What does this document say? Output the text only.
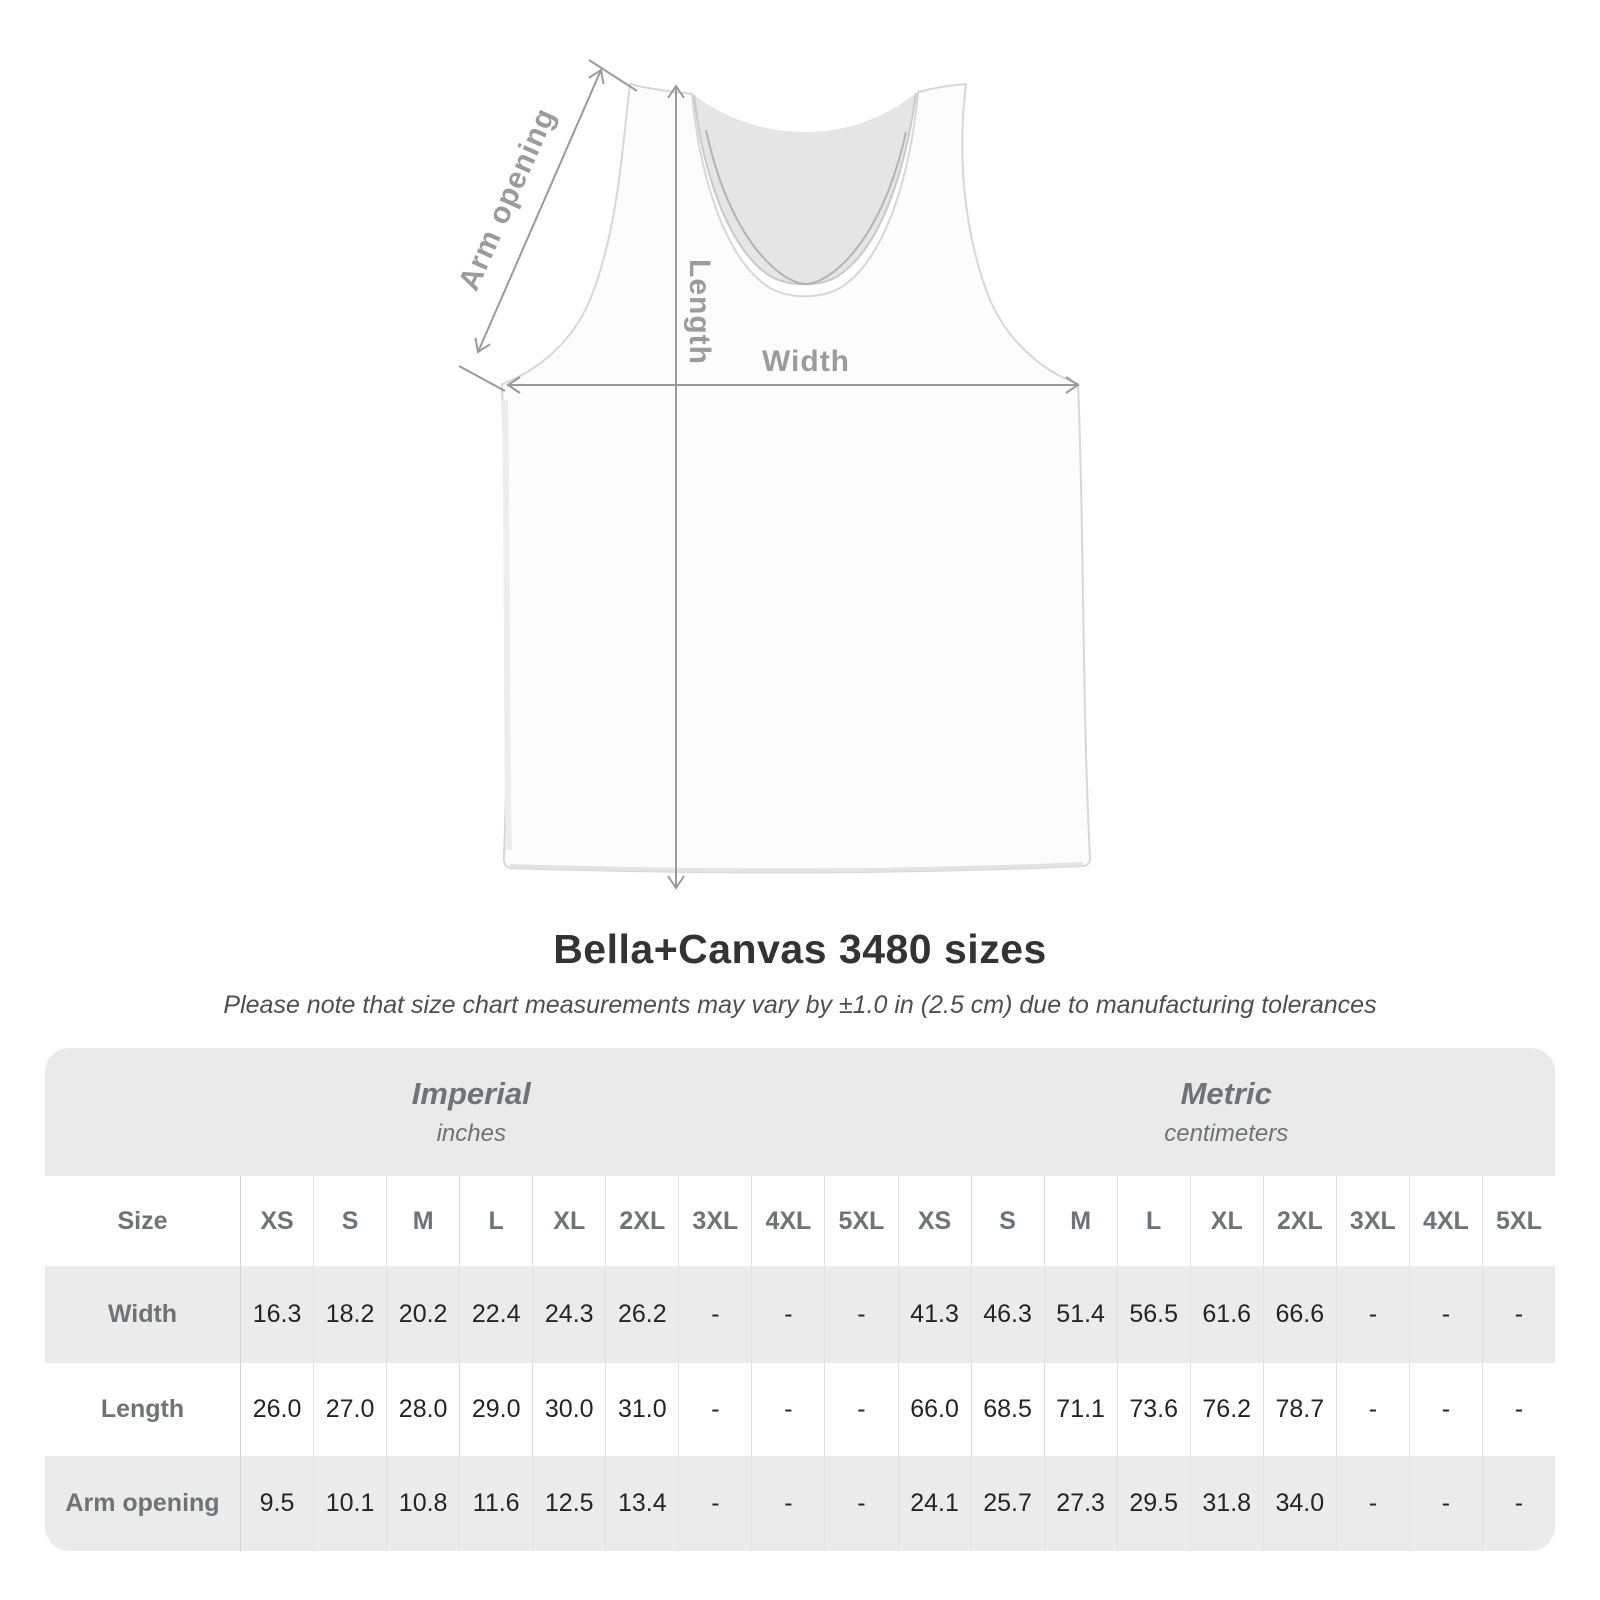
Arm opening
Length Width
Bella+Canvas 3480 sizes
Please note that size chart measurements may vary by ±1.0 in (2.5 cm) due to manufacturing tolerances
Imperial
inches
Metric
centimeters
Size	XS	S	M	L	XL	2XL	3XL	4XL	5XL	XS	S	M	L	XL	2XL	3XL	4XL	5XL
Width	16.3 18.2 20.2 22.4 24.3 26.2	-	-	-	41.3 46.3 51.4 56.5 61.6 66.6	-	-	-
Length	26.0 27.0 28.0 29.0 30.0 31.0	-	-	-	66.0 68.5 71.1 73.6 76.2 78.7	-	-	-
Arm opening	9.5	10.1 10.8	11.6	12.5 13.4	-	-	-	24.1 25.7 27.3 29.5 31.8 34.0	-	-	-
